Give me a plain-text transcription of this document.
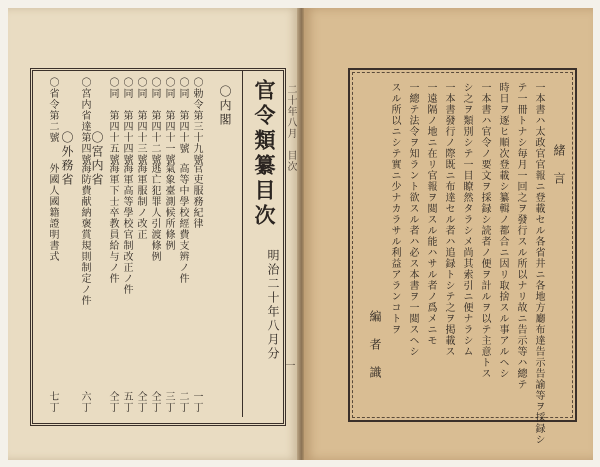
二十年八月　目次
一
官令類纂目次
明治二十年八月分
〇内閣
〇勅令第三十九號
官吏服務紀律
一丁
〇同　第四十號
高等中學校經費支辨ノ件
二丁
〇同　第四十一號
氣象臺測候所條例
三丁
〇同　第四十二號
逃亡犯罪人引渡條例
仝丁
〇同　第四十三號
海軍服制ノ改正
仝丁
〇同　第四十四號
海軍高等學校官制改正ノ件
五丁
〇同　第四十五號
海軍下士卒教員給与ノ件
仝丁
〇宮内省
〇宮内省達第四號
海防費献納褒賞規則制定ノ件
六丁
〇外務省
〇省令第二號
外國人國籍證明書式
七丁
緒　言
一本書ハ太政官官報ニ登載セル各省井ニ各地方廳布達告示告諭等ヲ採録シ
テ一冊トナシ毎月一回之ヲ發行スル所以ナリ故ニ告示等ハ總テ
時日ヲ逐ヒ順次登載シ纂輯ノ都合ニ因リ取捨スル事アルヘシ
一本書ハ官令ノ要文ヲ採録シ読者ノ便ヲ計ルヲ以テ主意トス
シ之ヲ類別シテ一目瞭然タラシメ尚其索引ニ便ナラシム
一本書發行ノ際既ニ布達セル者ハ追録トシテ之ヲ掲載ス
一遠隔ノ地ニ在リ官報ヲ閲スル能ハサル者ノ爲メニモ
一總テ法令ヲ知ラント欲スル者ハ必ス本書ヲ一閲スヘシ
スル所以ニシテ實ニ少ナカラサル利益アランコトヲ
編　者　識
